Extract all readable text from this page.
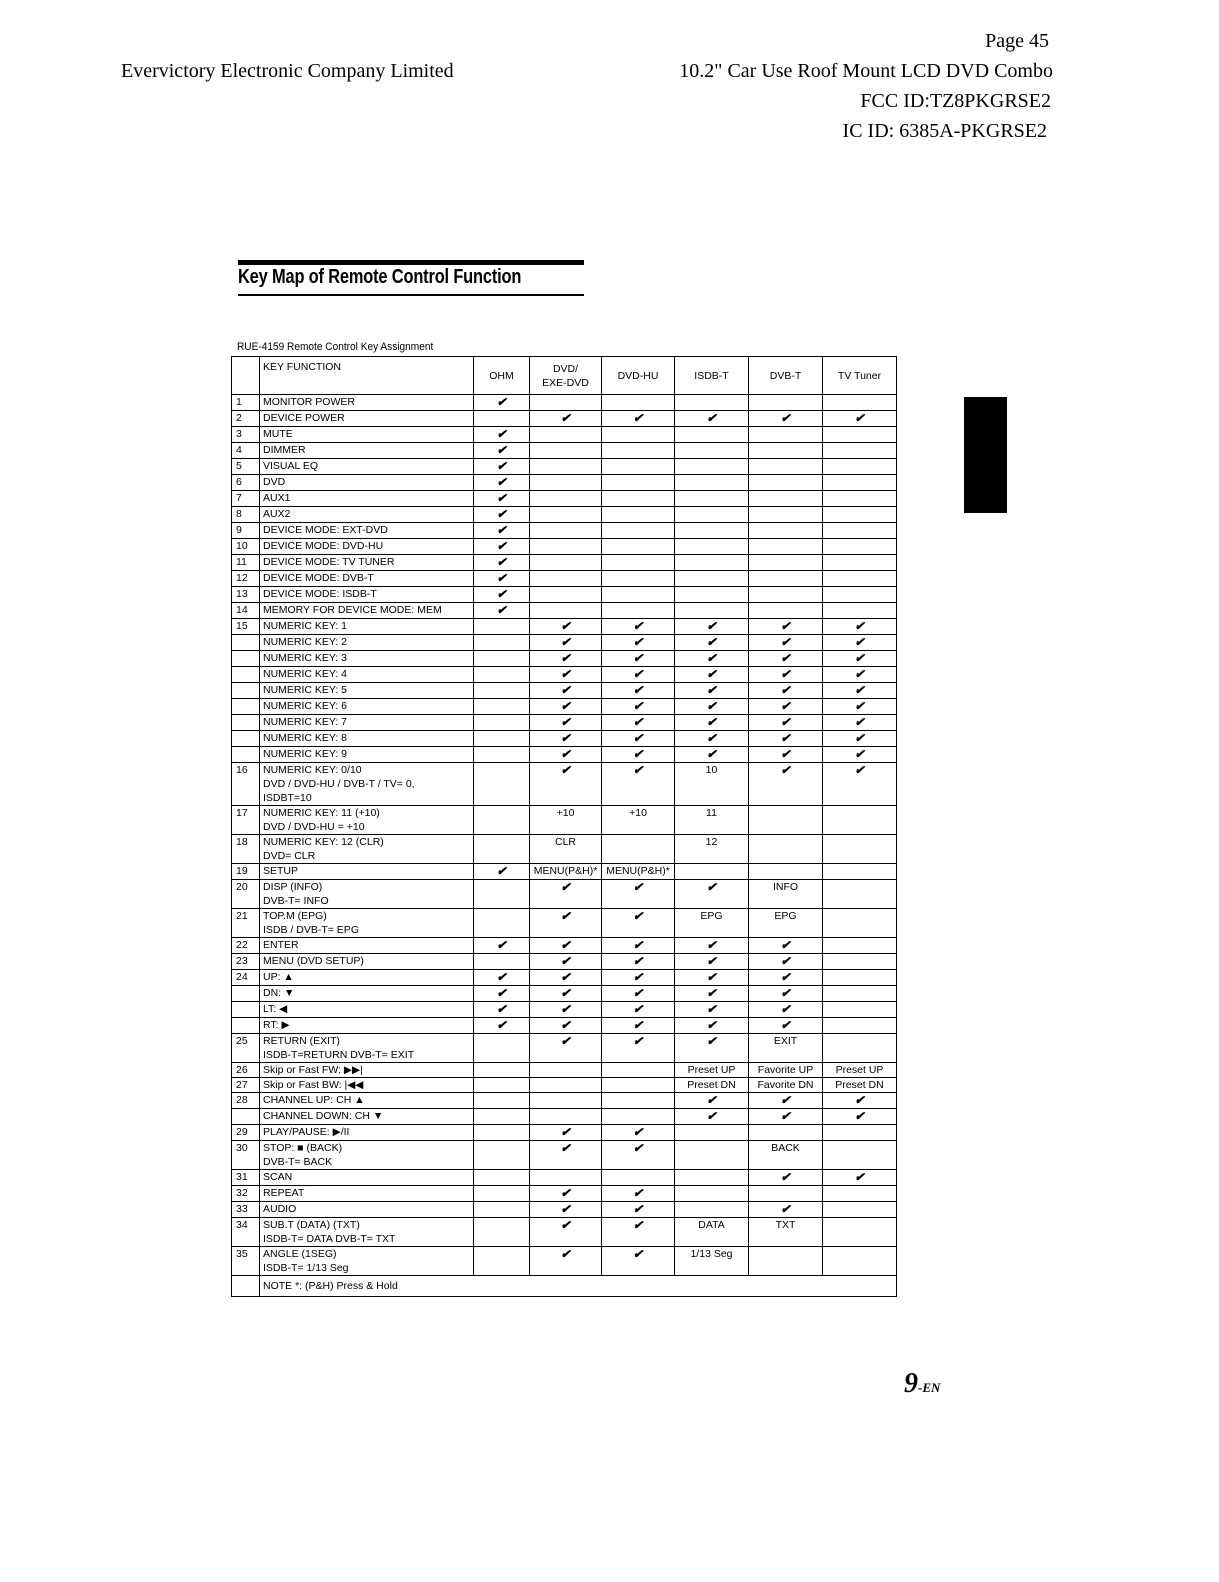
Page 45
Evervictory Electronic Company Limited	10.2" Car Use Roof Mount LCD DVD Combo
FCC ID:TZ8PKGRSE2
IC ID: 6385A-PKGRSE2
Key Map of Remote Control Function
RUE-4159 Remote Control Key Assignment
	KEY FUNCTION	OHM	DVD/
EXE-DVD	DVD-HU	ISDB-T	DVB-T	TV Tuner
1	MONITOR POWER	✔					
2	DEVICE POWER		✔	✔	✔	✔	✔
3	MUTE	✔					
4	DIMMER	✔					
5	VISUAL EQ	✔					
6	DVD	✔					
7	AUX1	✔					
8	AUX2	✔					
9	DEVICE MODE: EXT-DVD	✔					
10	DEVICE MODE: DVD-HU	✔					
11	DEVICE MODE: TV TUNER	✔					
12	DEVICE MODE: DVB-T	✔					
13	DEVICE MODE: ISDB-T	✔					
14	MEMORY FOR DEVICE MODE: MEM	✔					
15	NUMERIC KEY: 1		✔	✔	✔	✔	✔
	NUMERIC KEY: 2		✔	✔	✔	✔	✔
	NUMERIC KEY: 3		✔	✔	✔	✔	✔
	NUMERIC KEY: 4		✔	✔	✔	✔	✔
	NUMERIC KEY: 5		✔	✔	✔	✔	✔
	NUMERIC KEY: 6		✔	✔	✔	✔	✔
	NUMERIC KEY: 7		✔	✔	✔	✔	✔
	NUMERIC KEY: 8		✔	✔	✔	✔	✔
	NUMERIC KEY: 9		✔	✔	✔	✔	✔
16	NUMERIC KEY: 0/10
DVD / DVD-HU / DVB-T / TV= 0,
ISDBT=10		✔	✔	10	✔	✔
17	NUMERIC KEY: 11 (+10)
DVD / DVD-HU = +10		+10	+10	11		
18	NUMERIC KEY: 12 (CLR)
DVD= CLR		CLR		12		
19	SETUP	✔	MENU(P&H)*	MENU(P&H)*			
20	DISP (INFO)
DVB-T= INFO		✔	✔	✔	INFO	
21	TOP.M (EPG)
ISDB / DVB-T= EPG		✔	✔	EPG	EPG	
22	ENTER	✔	✔	✔	✔	✔	
23	MENU (DVD SETUP)		✔	✔	✔	✔	
24	UP: ▲	✔	✔	✔	✔	✔	
	DN: ▼	✔	✔	✔	✔	✔	
	LT: ◀	✔	✔	✔	✔	✔	
	RT: ▶	✔	✔	✔	✔	✔	
25	RETURN (EXIT)
ISDB-T=RETURN DVB-T= EXIT		✔	✔	✔	EXIT	
26	Skip or Fast FW: ▶▶|				Preset UP	Favorite UP	Preset UP
27	Skip or Fast BW: |◀◀				Preset DN	Favorite DN	Preset DN
28	CHANNEL UP: CH ▲				✔	✔	✔
	CHANNEL DOWN: CH ▼				✔	✔	✔
29	PLAY/PAUSE: ▶/II		✔	✔			
30	STOP: ■ (BACK)
DVB-T= BACK		✔	✔		BACK	
31	SCAN					✔	✔
32	REPEAT		✔	✔			
33	AUDIO		✔	✔		✔	
34	SUB.T (DATA) (TXT)
ISDB-T= DATA DVB-T= TXT		✔	✔	DATA	TXT	
35	ANGLE (1SEG)
ISDB-T= 1/13 Seg		✔	✔	1/13 Seg		
	NOTE *: (P&H) Press & Hold						
9-EN
